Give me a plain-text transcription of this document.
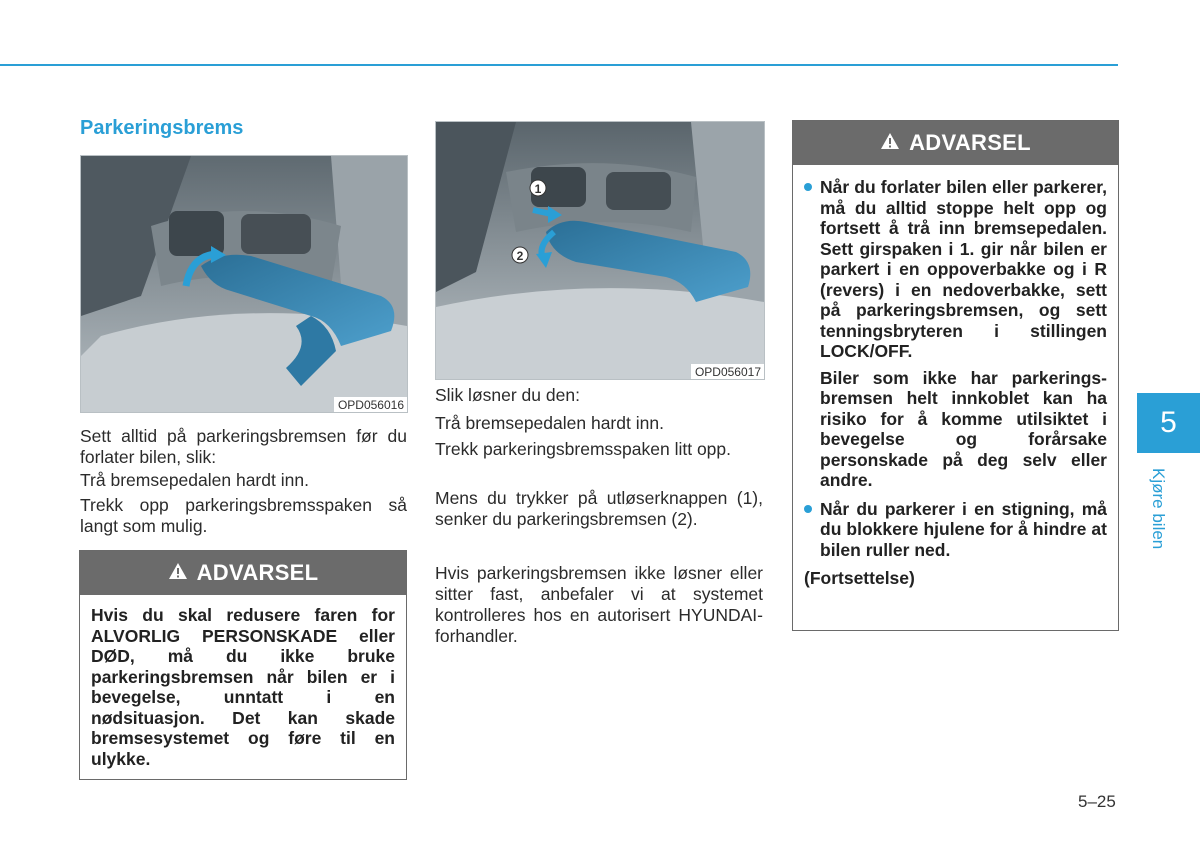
Parkeringsbrems
OPD056016
1
2
OPD056017

Sett alltid på parkeringsbremsen før du forlater bilen, slik:

Trå bremsepedalen hardt inn.

Trekk opp parkeringsbremsspaken så langt som mulig.

ADVARSEL

Hvis du skal redusere faren for ALVORLIG PERSONSKADE eller DØD, må du ikke bruke parkeringsbremsen når bilen er i bevegelse, unntatt i en nødsituasjon. Det kan skade bremsesystemet og føre til en ulykke.

Slik løsner du den:

Trå bremsepedalen hardt inn.

Trekk parkeringsbremsspaken litt opp.

Mens du trykker på utløserknappen (1), senker du parkeringsbremsen (2).

Hvis parkeringsbremsen ikke løsner eller sitter fast, anbefaler vi at systemet kontrolleres hos en autorisert HYUNDAI-forhandler.

ADVARSEL

Når du forlater bilen eller parkerer, må du alltid stoppe helt opp og fortsett å trå inn bremsepedalen. Sett girspaken i 1. gir når bilen er parkert i en oppoverbakke og i R (revers) i en nedoverbakke, sett på parkeringsbremsen, og sett tenningsbryteren i stillingen LOCK/OFF.

Biler som ikke har parkerings-bremsen helt innkoblet kan ha risiko for å komme utilsiktet i bevegelse og forårsake personskade på deg selv eller andre.

Når du parkerer i en stigning, må du blokkere hjulene for å hindre at bilen ruller ned.

(Fortsettelse)

5
Kjøre bilen
5–25
